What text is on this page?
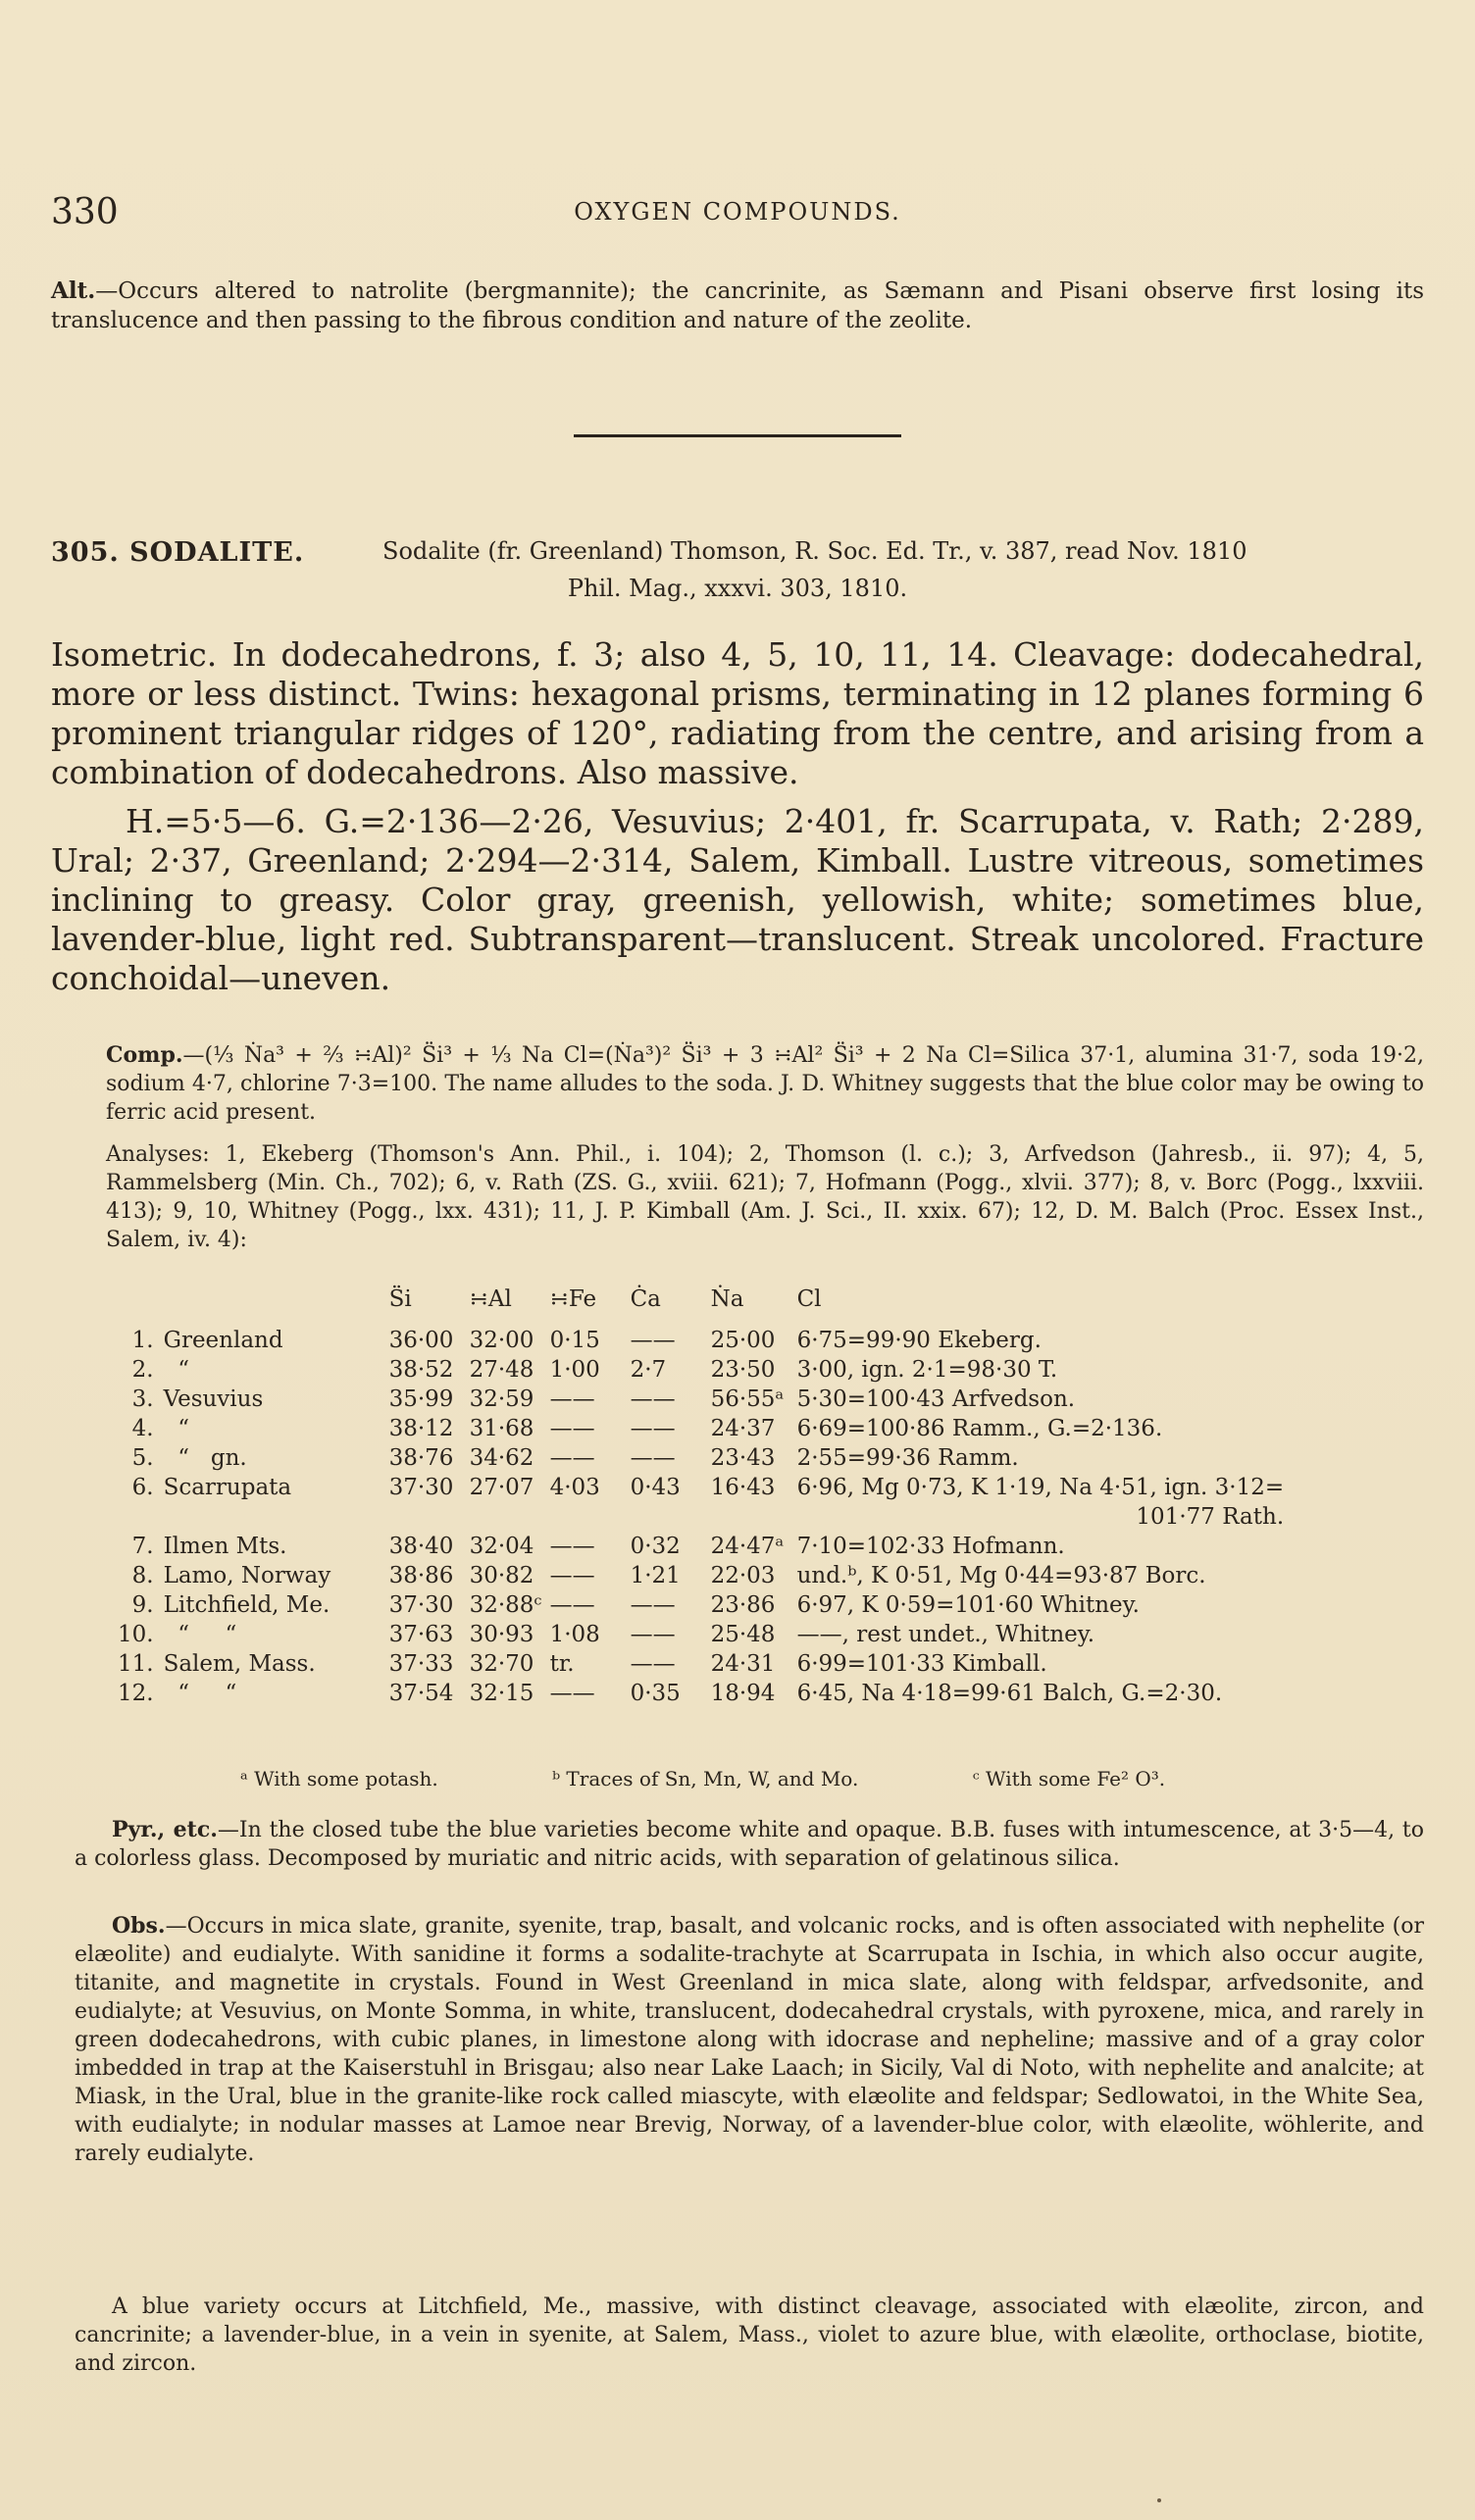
330	OXYGEN COMPOUNDS.
Alt.—Occurs altered to natrolite (bergmannite); the cancrinite, as Sæmann and Pisani observe first losing its translucence and then passing to the fibrous condition and nature of the zeolite.
305. SODALITE.	Sodalite (fr. Greenland) Thomson, R. Soc. Ed. Tr., v. 387, read Nov. 1810
Phil. Mag., xxxvi. 303, 1810.
Isometric. In dodecahedrons, f. 3; also 4, 5, 10, 11, 14. Cleavage: dodecahedral, more or less distinct. Twins: hexagonal prisms, terminating in 12 planes forming 6 prominent triangular ridges of 120°, radiating from the centre, and arising from a combination of dodecahedrons. Also massive.
H.=5·5—6. G.=2·136—2·26, Vesuvius; 2·401, fr. Scarrupata, v. Rath; 2·289, Ural; 2·37, Greenland; 2·294—2·314, Salem, Kimball. Lustre vitreous, sometimes inclining to greasy. Color gray, greenish, yellowish, white; sometimes blue, lavender-blue, light red. Subtransparent—translucent. Streak uncolored. Fracture conchoidal—uneven.
Comp.—(⅓ Ṅa³ + ⅔ ∺Al)² S̈i³ + ⅓ Na Cl=(Ṅa³)² S̈i³ + 3 ∺Al² S̈i³ + 2 Na Cl=Silica 37·1, alumina 31·7, soda 19·2, sodium 4·7, chlorine 7·3=100. The name alludes to the soda. J. D. Whitney suggests that the blue color may be owing to ferric acid present.
Analyses: 1, Ekeberg (Thomson's Ann. Phil., i. 104); 2, Thomson (l. c.); 3, Arfvedson (Jahresb., ii. 97); 4, 5, Rammelsberg (Min. Ch., 702); 6, v. Rath (ZS. G., xviii. 621); 7, Hofmann (Pogg., xlvii. 377); 8, v. Borc (Pogg., lxxviii. 413); 9, 10, Whitney (Pogg., lxx. 431); 11, J. P. Kimball (Am. J. Sci., II. xxix. 67); 12, D. M. Balch (Proc. Essex Inst., Salem, iv. 4):
		S̈i	∺Al	∺Fe	Ċa	Ṅa	Cl
1.	Greenland	36·00	32·00	0·15	——	25·00	6·75=99·90 Ekeberg.
2.	“	38·52	27·48	1·00	2·7	23·50	3·00, ign. 2·1=98·30 T.
3.	Vesuvius	35·99	32·59	——	——	56·55ᵃ	5·30=100·43 Arfvedson.
4.	“	38·12	31·68	——	——	24·37	6·69=100·86 Ramm., G.=2·136.
5.	“   gn.	38·76	34·62	——	——	23·43	2·55=99·36 Ramm.
6.	Scarrupata	37·30	27·07	4·03	0·43	16·43	6·96, Mg 0·73, K 1·19, Na 4·51, ign. 3·12=
							101·77 Rath.
7.	Ilmen Mts.	38·40	32·04	——	0·32	24·47ᵃ	7·10=102·33 Hofmann.
8.	Lamo, Norway	38·86	30·82	——	1·21	22·03	und.ᵇ, K 0·51, Mg 0·44=93·87 Borc.
9.	Litchfield, Me.	37·30	32·88ᶜ	——	——	23·86	6·97, K 0·59=101·60 Whitney.
10.	“     “	37·63	30·93	1·08	——	25·48	——, rest undet., Whitney.
11.	Salem, Mass.	37·33	32·70	tr.	——	24·31	6·99=101·33 Kimball.
12.	“     “	37·54	32·15	——	0·35	18·94	6·45, Na 4·18=99·61 Balch, G.=2·30.
ᵃ With some potash.	ᵇ Traces of Sn, Mn, W, and Mo.	ᶜ With some Fe² O³.
Pyr., etc.—In the closed tube the blue varieties become white and opaque. B.B. fuses with intumescence, at 3·5—4, to a colorless glass. Decomposed by muriatic and nitric acids, with separation of gelatinous silica.
Obs.—Occurs in mica slate, granite, syenite, trap, basalt, and volcanic rocks, and is often associated with nephelite (or elæolite) and eudialyte. With sanidine it forms a sodalite-trachyte at Scarrupata in Ischia, in which also occur augite, titanite, and magnetite in crystals. Found in West Greenland in mica slate, along with feldspar, arfvedsonite, and eudialyte; at Vesuvius, on Monte Somma, in white, translucent, dodecahedral crystals, with pyroxene, mica, and rarely in green dodecahedrons, with cubic planes, in limestone along with idocrase and nepheline; massive and of a gray color imbedded in trap at the Kaiserstuhl in Brisgau; also near Lake Laach; in Sicily, Val di Noto, with nephelite and analcite; at Miask, in the Ural, blue in the granite-like rock called miascyte, with elæolite and feldspar; Sedlowatoi, in the White Sea, with eudialyte; in nodular masses at Lamoe near Brevig, Norway, of a lavender-blue color, with elæolite, wöhlerite, and rarely eudialyte.
A blue variety occurs at Litchfield, Me., massive, with distinct cleavage, associated with elæolite, zircon, and cancrinite; a lavender-blue, in a vein in syenite, at Salem, Mass., violet to azure blue, with elæolite, orthoclase, biotite, and zircon.
